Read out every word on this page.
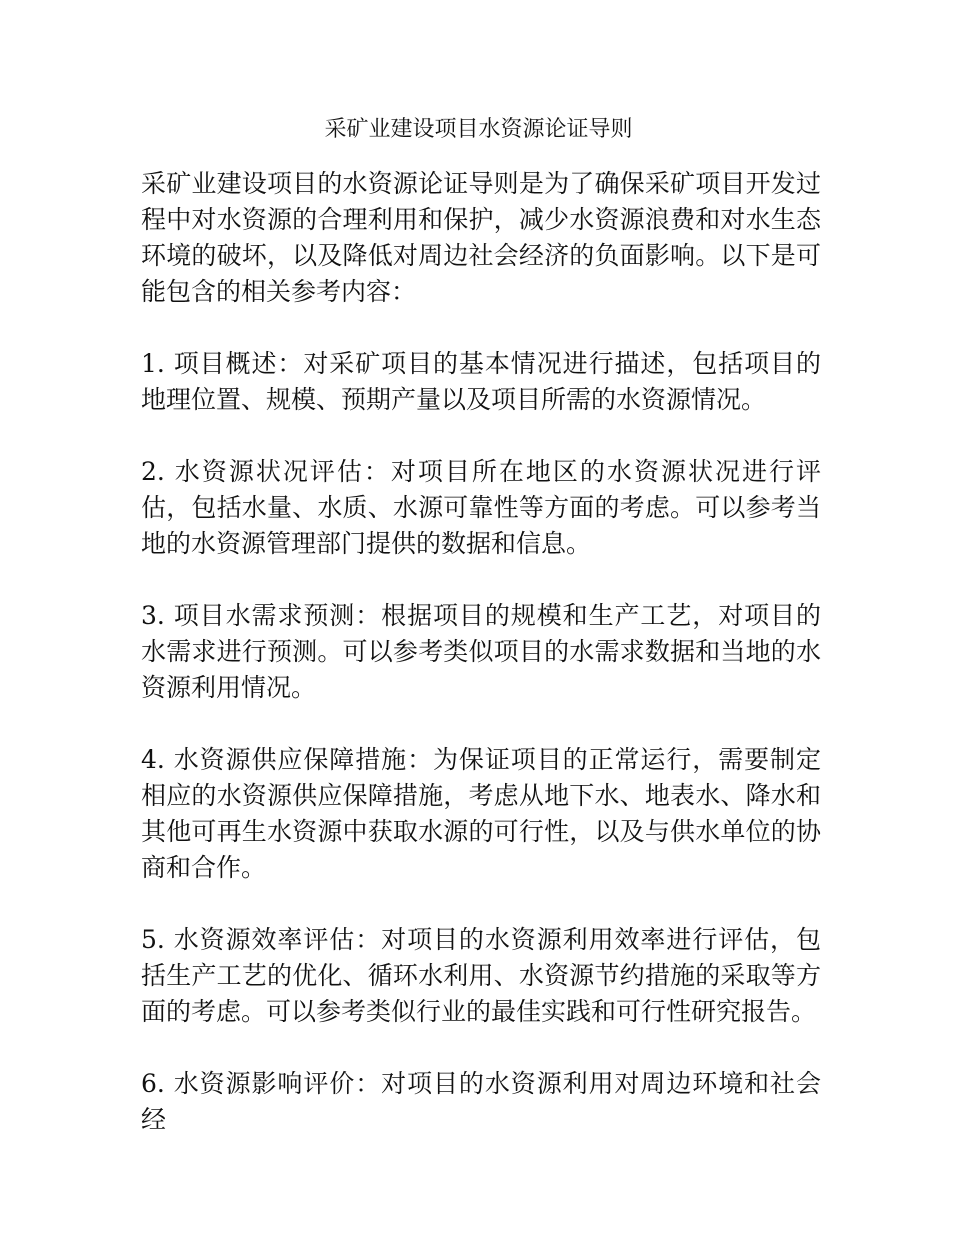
采矿业建设项目水资源论证导则

采矿业建设项目的水资源论证导则是为了确保采矿项目开发过程中对水资源的合理利用和保护，减少水资源浪费和对水生态环境的破坏，以及降低对周边社会经济的负面影响。以下是可能包含的相关参考内容：

1. 项目概述：对采矿项目的基本情况进行描述，包括项目的地理位置、规模、预期产量以及项目所需的水资源情况。

2. 水资源状况评估：对项目所在地区的水资源状况进行评估，包括水量、水质、水源可靠性等方面的考虑。可以参考当地的水资源管理部门提供的数据和信息。

3. 项目水需求预测：根据项目的规模和生产工艺，对项目的水需求进行预测。可以参考类似项目的水需求数据和当地的水资源利用情况。

4. 水资源供应保障措施：为保证项目的正常运行，需要制定相应的水资源供应保障措施，考虑从地下水、地表水、降水和其他可再生水资源中获取水源的可行性，以及与供水单位的协商和合作。

5. 水资源效率评估：对项目的水资源利用效率进行评估，包括生产工艺的优化、循环水利用、水资源节约措施的采取等方面的考虑。可以参考类似行业的最佳实践和可行性研究报告。

6. 水资源影响评价：对项目的水资源利用对周边环境和社会经
